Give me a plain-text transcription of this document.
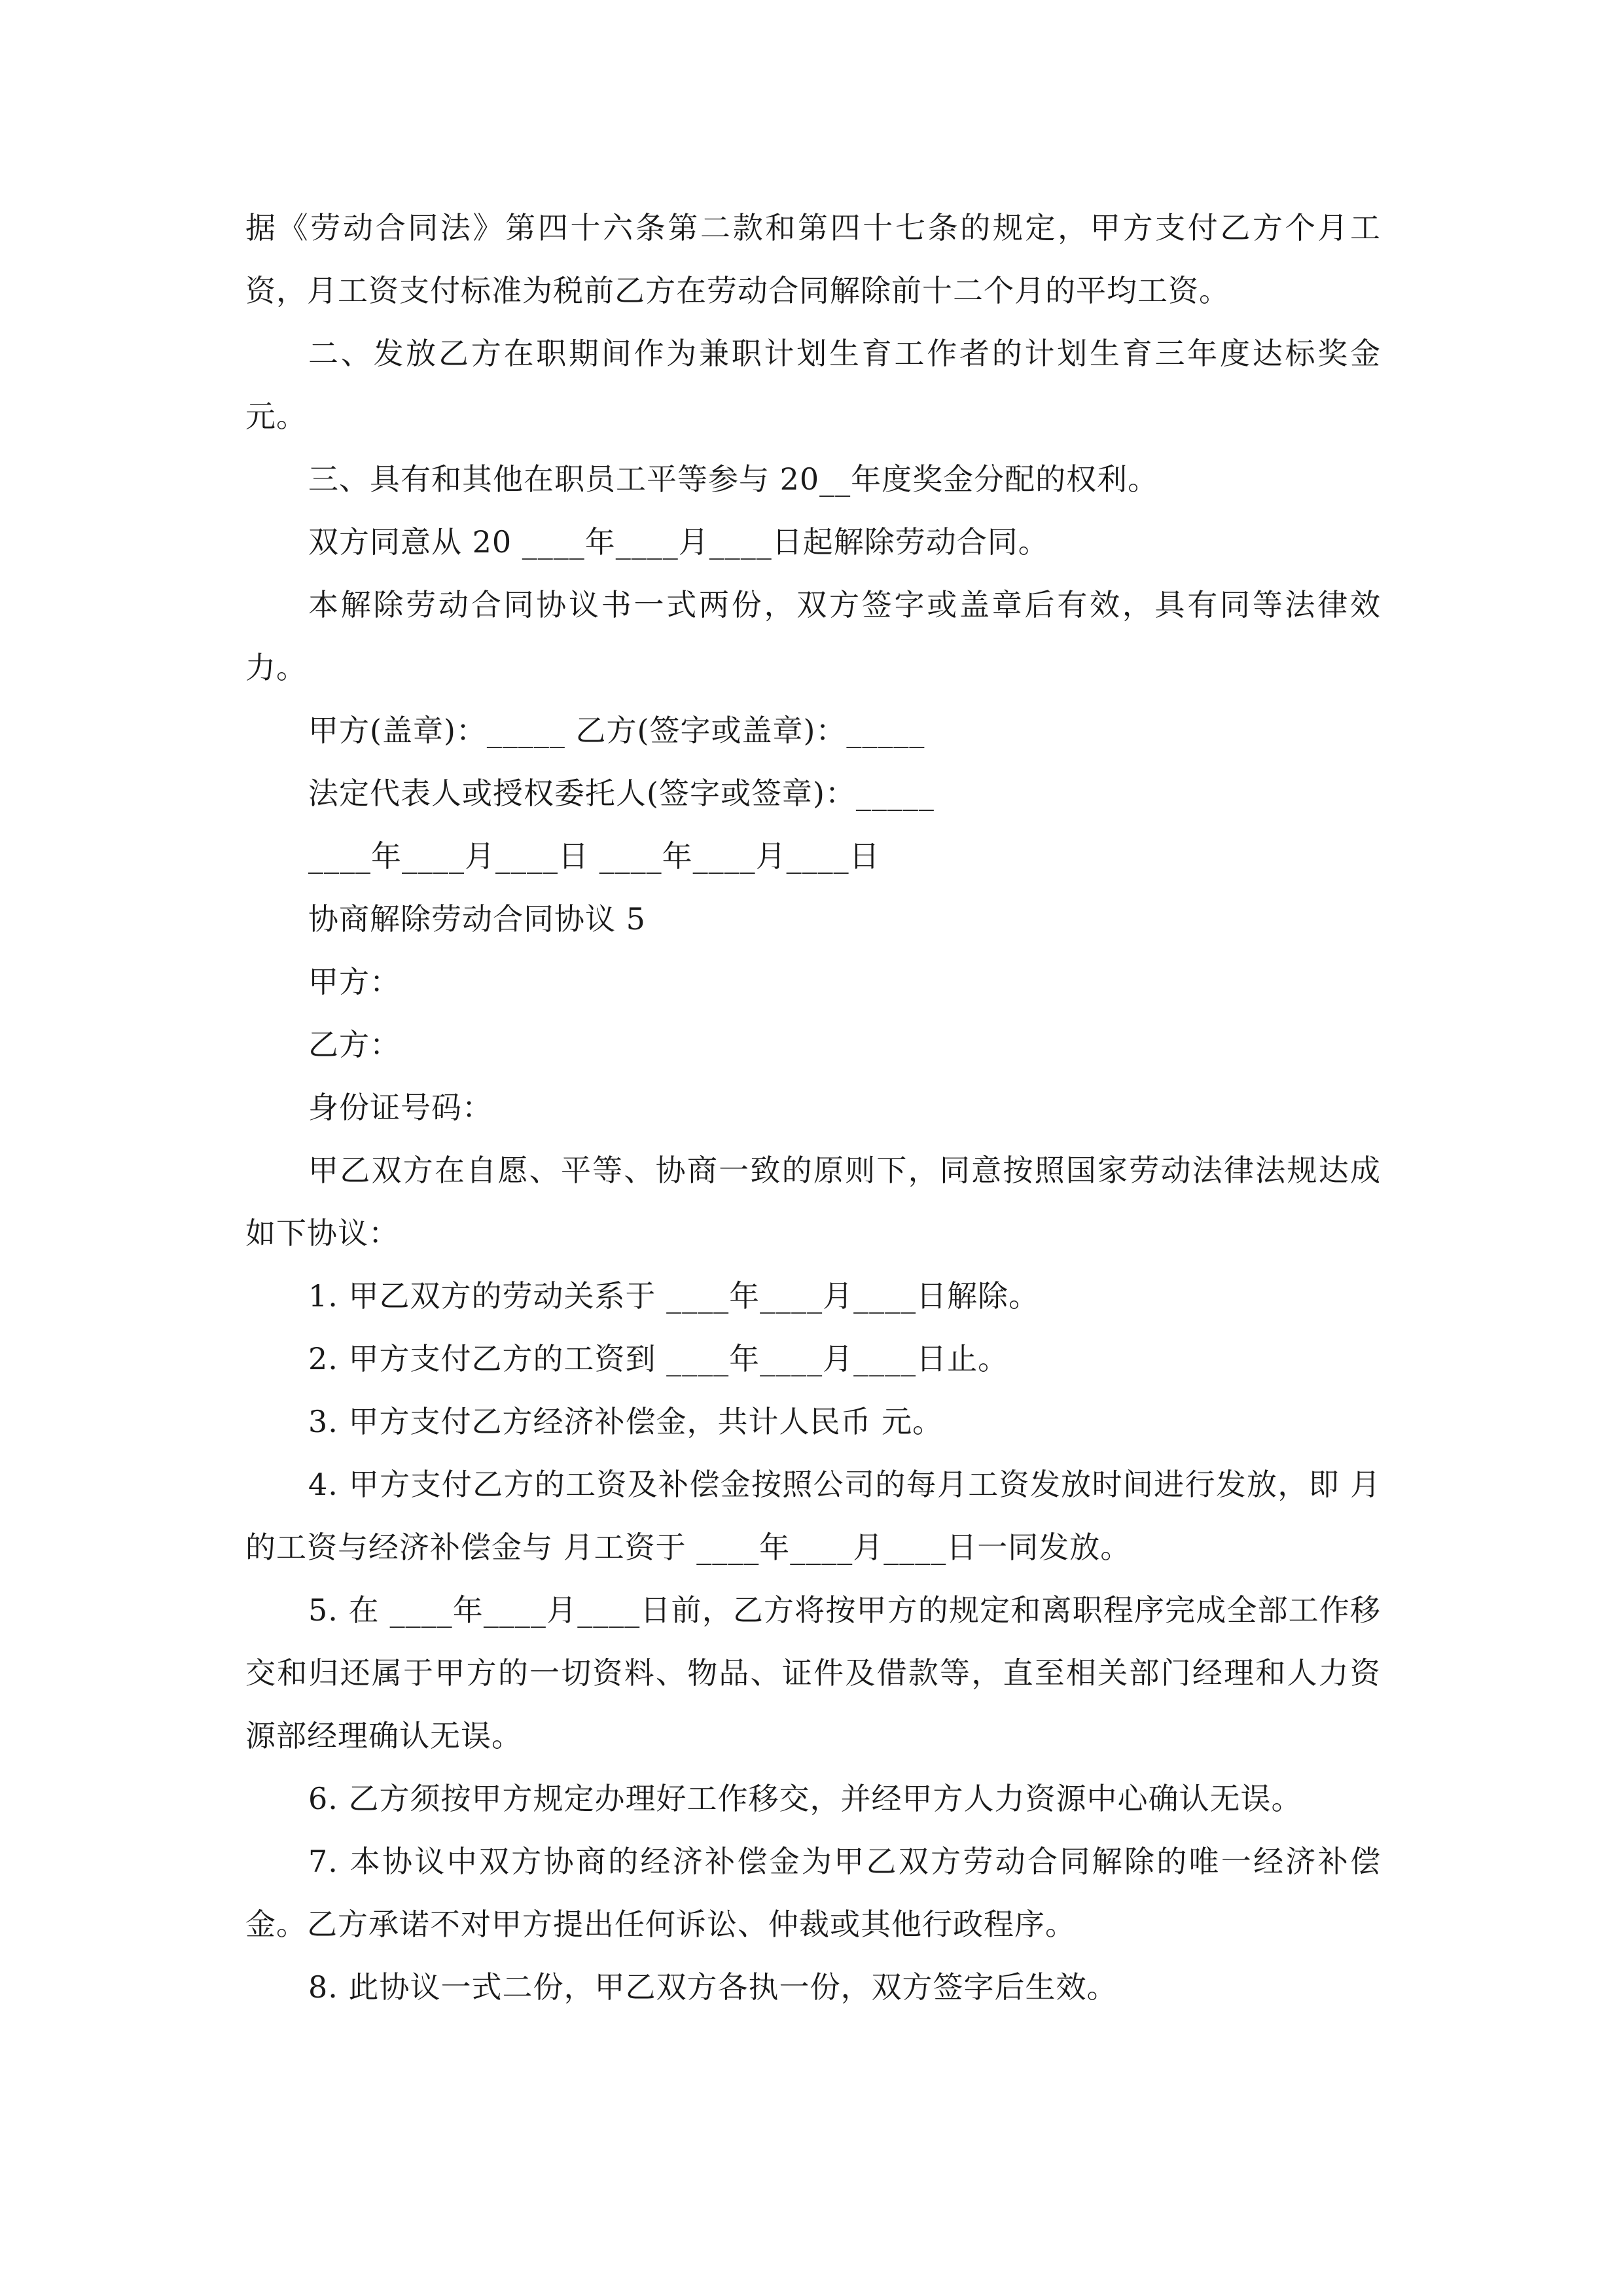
据《劳动合同法》第四十六条第二款和第四十七条的规定，甲方支付乙方个月工资，月工资支付标准为税前乙方在劳动合同解除前十二个月的平均工资。

二、发放乙方在职期间作为兼职计划生育工作者的计划生育三年度达标奖金元。

三、具有和其他在职员工平等参与 20__年度奖金分配的权利。

双方同意从 20 ____年____月____日起解除劳动合同。

本解除劳动合同协议书一式两份，双方签字或盖章后有效，具有同等法律效力。

甲方(盖章)：_____ 乙方(签字或盖章)：_____

法定代表人或授权委托人(签字或签章)：_____

____年____月____日 ____年____月____日

协商解除劳动合同协议 5

甲方：

乙方：

身份证号码：

甲乙双方在自愿、平等、协商一致的原则下，同意按照国家劳动法律法规达成如下协议：

1. 甲乙双方的劳动关系于 ____年____月____日解除。

2. 甲方支付乙方的工资到 ____年____月____日止。

3. 甲方支付乙方经济补偿金，共计人民币 元。

4. 甲方支付乙方的工资及补偿金按照公司的每月工资发放时间进行发放，即 月的工资与经济补偿金与 月工资于 ____年____月____日一同发放。

5. 在 ____年____月____日前，乙方将按甲方的规定和离职程序完成全部工作移交和归还属于甲方的一切资料、物品、证件及借款等，直至相关部门经理和人力资源部经理确认无误。

6. 乙方须按甲方规定办理好工作移交，并经甲方人力资源中心确认无误。

7. 本协议中双方协商的经济补偿金为甲乙双方劳动合同解除的唯一经济补偿金。乙方承诺不对甲方提出任何诉讼、仲裁或其他行政程序。

8. 此协议一式二份，甲乙双方各执一份，双方签字后生效。
